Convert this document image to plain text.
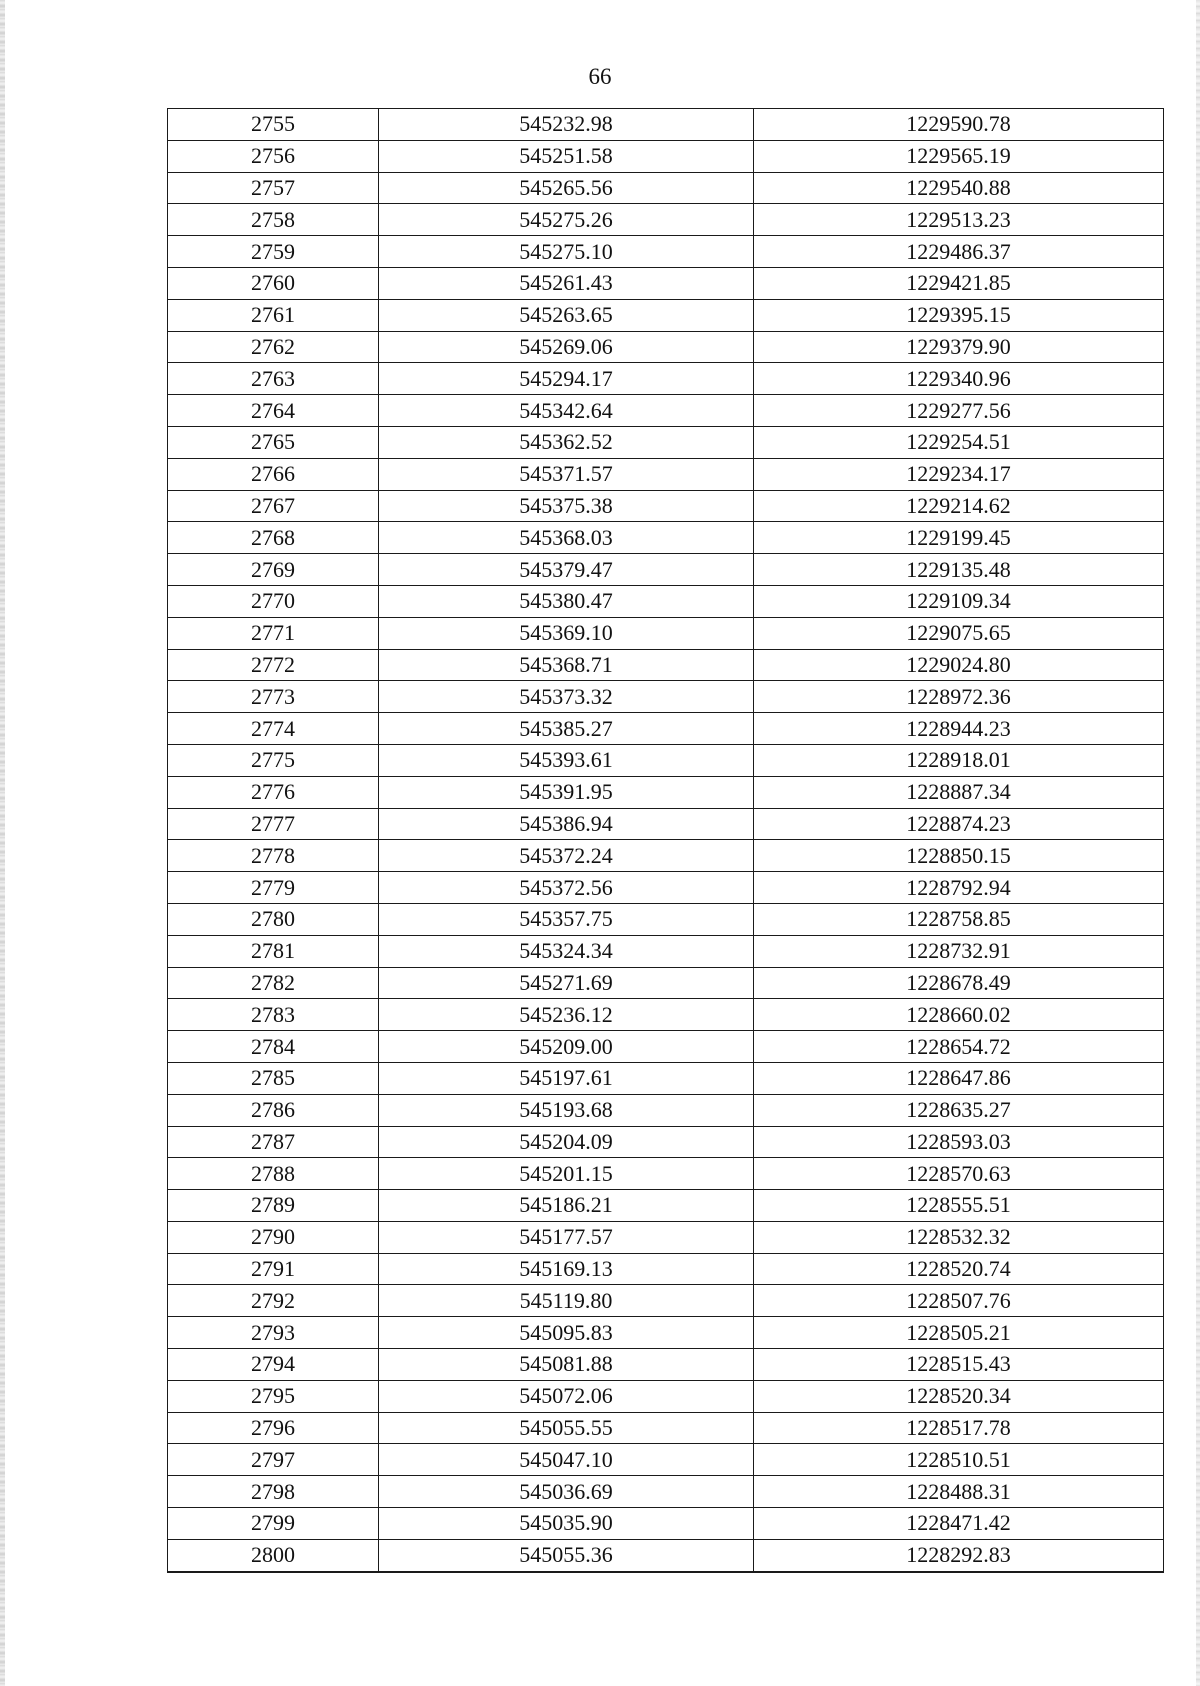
66
2755	545232.98	1229590.78
2756	545251.58	1229565.19
2757	545265.56	1229540.88
2758	545275.26	1229513.23
2759	545275.10	1229486.37
2760	545261.43	1229421.85
2761	545263.65	1229395.15
2762	545269.06	1229379.90
2763	545294.17	1229340.96
2764	545342.64	1229277.56
2765	545362.52	1229254.51
2766	545371.57	1229234.17
2767	545375.38	1229214.62
2768	545368.03	1229199.45
2769	545379.47	1229135.48
2770	545380.47	1229109.34
2771	545369.10	1229075.65
2772	545368.71	1229024.80
2773	545373.32	1228972.36
2774	545385.27	1228944.23
2775	545393.61	1228918.01
2776	545391.95	1228887.34
2777	545386.94	1228874.23
2778	545372.24	1228850.15
2779	545372.56	1228792.94
2780	545357.75	1228758.85
2781	545324.34	1228732.91
2782	545271.69	1228678.49
2783	545236.12	1228660.02
2784	545209.00	1228654.72
2785	545197.61	1228647.86
2786	545193.68	1228635.27
2787	545204.09	1228593.03
2788	545201.15	1228570.63
2789	545186.21	1228555.51
2790	545177.57	1228532.32
2791	545169.13	1228520.74
2792	545119.80	1228507.76
2793	545095.83	1228505.21
2794	545081.88	1228515.43
2795	545072.06	1228520.34
2796	545055.55	1228517.78
2797	545047.10	1228510.51
2798	545036.69	1228488.31
2799	545035.90	1228471.42
2800	545055.36	1228292.83
